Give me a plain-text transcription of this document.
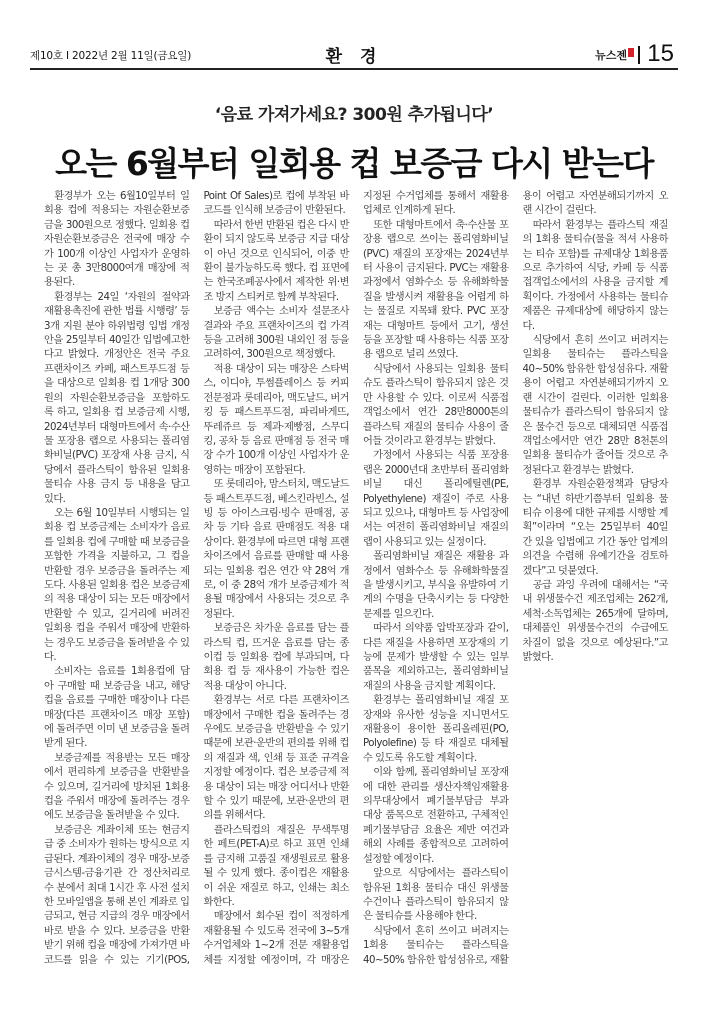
제10호 I 2022년 2월 11일(금요일)	환 경	뉴스젠 15
‘음료 가져가세요? 300원 추가됩니다’
오는 6월부터 일회용 컵 보증금 다시 받는다

환경부가 오는 6월10일부터 일회용 컵에 적용되는 자원순환보증금을 300원으로 정했다. 일회용 컵 자원순환보증금은 전국에 매장 수가 100개 이상인 사업자가 운영하는 곳 총 3만8000여개 매장에 적용된다.

환경부는 24일 ‘자원의 절약과 재활용촉진에 관한 법률 시행령’ 등 3개 지원 분야 하위법령 입법 개정안을 25일부터 40일간 입법예고한다고 밝혔다. 개정안은 전국 주요 프랜차이즈 카페, 패스트푸드점 등을 대상으로 일회용 컵 1개당 300원의 자원순환보증금을 포함하도록 하고, 일회용 컵 보증금제 시행, 2024년부터 대형마트에서 속·수산물 포장용 랩으로 사용되는 폴리염화비닐(PVC) 포장재 사용 금지, 식당에서 플라스틱이 함유된 일회용 물티슈 사용 금지 등 내용을 담고 있다.

오는 6월 10일부터 시행되는 일회용 컵 보증금제는 소비자가 음료를 일회용 컵에 구매할 때 보증금을 포함한 가격을 지불하고, 그 컵을 반환할 경우 보증금을 돌려주는 제도다. 사용된 일회용 컵은 보증금제의 적용 대상이 되는 모든 매장에서 반환할 수 있고, 길거리에 버려진 일회용 컵을 주워서 매장에 반환하는 경우도 보증금을 돌려받을 수 있다.

소비자는 음료를 1회용컵에 담아 구매할 때 보증금을 내고, 해당 컵을 음료를 구매한 매장이나 다른 매장(다른 프랜차이즈 매장 포함)에 돌려주면 이미 낸 보증금을 돌려받게 된다.

보증금제를 적용받는 모든 매장에서 편리하게 보증금을 반환받을 수 있으며, 길거리에 방치된 1회용컵을 주워서 매장에 돌려주는 경우에도 보증금을 돌려받을 수 있다.

보증금은 계좌이체 또는 현금지급 중 소비자가 원하는 방식으로 지급된다. 계좌이체의 경우 매장-보증금시스템-금융기관 간 정산처리로 수 분에서 최대 1시간 후 사전 설치한 모바일앱을 통해 본인 계좌로 입금되고, 현금 지급의 경우 매장에서 바로 받을 수 있다. 보증금을 반환받기 위해 컵을 매장에 가져가면 바코드를 읽을 수 있는 기기(POS, Point Of Sales)로 컵에 부착된 바코드를 인식해 보증금이 반환된다.

따라서 한번 반환된 컵은 다시 반환이 되지 않도록 보증금 지급 대상이 아닌 것으로 인식되어, 이중 반환이 불가능하도록 했다. 컵 표면에는 한국조폐공사에서 제작한 위·변조 방지 스티커로 함께 부착된다.

보증금 액수는 소비자 설문조사 결과와 주요 프랜차이즈의 컵 가격 등을 고려해 300원 내외인 점 등을 고려하여, 300원으로 책정했다.

적용 대상이 되는 매장은 스타벅스, 이디야, 투썸플레이스 등 커피전문점과 롯데리아, 맥도날드, 버거킹 등 패스트푸드점, 파리바게뜨, 뚜레쥬르 등 제과·제빵점, 스무디킹, 공차 등 음료 판매점 등 전국 매장 수가 100개 이상인 사업자가 운영하는 매장이 포함된다.

또 롯데리아, 맘스터치, 맥도날드 등 패스트푸드점, 베스킨라빈스, 설빙 등 아이스크림·빙수 판매점, 공차 등 기타 음료 판매점도 적용 대상이다. 환경부에 따르면 대형 프랜차이즈에서 음료를 판매할 때 사용되는 일회용 컵은 연간 약 28억 개로, 이 중 28억 개가 보증금제가 적용될 매장에서 사용되는 것으로 추정된다.

보증금은 차가운 음료를 담는 플라스틱 컵, 뜨거운 음료를 담는 종이컵 등 일회용 컵에 부과되며, 다회용 컵 등 재사용이 가능한 컵은 적용 대상이 아니다.

환경부는 서로 다른 프랜차이즈 매장에서 구매한 컵을 돌려주는 경우에도 보증금을 반환받을 수 있기 때문에 보관·운반의 편의를 위해 컵의 재질과 색, 인쇄 등 표준 규격을 지정할 예정이다. 컵은 보증금제 적용 대상이 되는 매장 어디서나 반환할 수 있기 때문에, 보관·운반의 편의를 위해서다.

플라스틱컵의 재질은 무색투명한 페트(PET-A)로 하고 표면 인쇄를 금지해 고품질 재생원료로 활용될 수 있게 했다. 종이컵은 재활용이 쉬운 재질로 하고, 인쇄는 최소화한다.

매장에서 회수된 컵이 적정하게 재활용될 수 있도록 전국에 3~5개 수거업체와 1~2개 전문 재활용업체를 지정할 예정이며, 각 매장은 지정된 수거업체를 통해서 재활용업체로 인계하게 된다.

또한 대형마트에서 축·수산물 포장용 랩으로 쓰이는 폴리염화비닐(PVC) 재질의 포장재는 2024년부터 사용이 금지된다. PVC는 재활용 과정에서 염화수소 등 유해화학물질을 발생시켜 재활용을 어렵게 하는 물질로 지목돼 왔다. PVC 포장재는 대형마트 등에서 고기, 생선 등을 포장할 때 사용하는 식품 포장용 랩으로 널리 쓰였다.

식당에서 사용되는 일회용 물티슈도 플라스틱이 함유되지 않은 것만 사용할 수 있다. 이로써 식품접객업소에서 연간 28만8000톤의 플라스틱 재질의 물티슈 사용이 줄어들 것이라고 환경부는 밝혔다.

가정에서 사용되는 식품 포장용 랩은 2000년대 초반부터 폴리염화비닐 대신 폴리에틸렌(PE, Polyethylene) 재질이 주로 사용되고 있으나, 대형마트 등 사업장에서는 여전히 폴리염화비닐 재질의 랩이 사용되고 있는 실정이다.

폴리염화비닐 재질은 재활용 과정에서 염화수소 등 유해화학물질을 발생시키고, 부식을 유발하여 기계의 수명을 단축시키는 등 다양한 문제를 일으킨다.

따라서 의약품 압박포장과 같이, 다른 재질을 사용하면 포장재의 기능에 문제가 발생할 수 있는 일부 품목을 제외하고는, 폴리염화비닐 재질의 사용을 금지할 계획이다.

환경부는 폴리염화비닐 재질 포장재와 유사한 성능을 지니면서도 재활용이 용이한 폴리올레핀(PO, Polyolefine) 등 타 재질로 대체될 수 있도록 유도할 계획이다.

이와 함께, 폴리염화비닐 포장재에 대한 관리를 생산자책임재활용 의무대상에서 폐기물부담금 부과대상 품목으로 전환하고, 구체적인 폐기물부담금 요율은 제반 여건과 해외 사례를 종합적으로 고려하여 설정할 예정이다.

앞으로 식당에서는 플라스틱이 함유된 1회용 물티슈 대신 위생물수건이나 플라스틱이 함유되지 않은 물티슈를 사용해야 한다.

식당에서 흔히 쓰이고 버려지는 1회용 물티슈는 플라스틱을 40~50% 함유한 합성섬유로, 재활용이 어렵고 자연분해되기까지 오랜 시간이 걸린다.

따라서 환경부는 플라스틱 재질의 1회용 물티슈(물을 적셔 사용하는 티슈 포함)를 규제대상 1회용품으로 추가하여 식당, 카페 등 식품접객업소에서의 사용을 금지할 계획이다. 가정에서 사용하는 물티슈 제품은 규제대상에 해당하지 않는다.

식당에서 흔히 쓰이고 버려지는 일회용 물티슈는 플라스틱을 40~50% 함유한 합성섬유다. 재활용이 어렵고 자연분해되기까지 오랜 시간이 걸린다. 이러한 일회용 물티슈가 플라스틱이 함유되지 않은 물수건 등으로 대체되면 식품접객업소에서만 연간 28만 8천톤의 일회용 물티슈가 줄어들 것으로 추정된다고 환경부는 밝혔다.

환경부 자원순환정책과 담당자는 “내년 하반기쯤부터 일회용 물티슈 이용에 대한 규제를 시행할 계획”이라며 “오는 25일부터 40일 간 있을 입법예고 기간 동안 업계의 의견을 수렴해 유예기간을 검토하겠다”고 덧붙였다.

공급 과잉 우려에 대해서는 “국내 위생물수건 제조업체는 262개, 세척·소독업체는 265개에 달하며, 대체품인 위생물수건의 수급에도 차질이 없을 것으로 예상된다.”고 밝혔다.
